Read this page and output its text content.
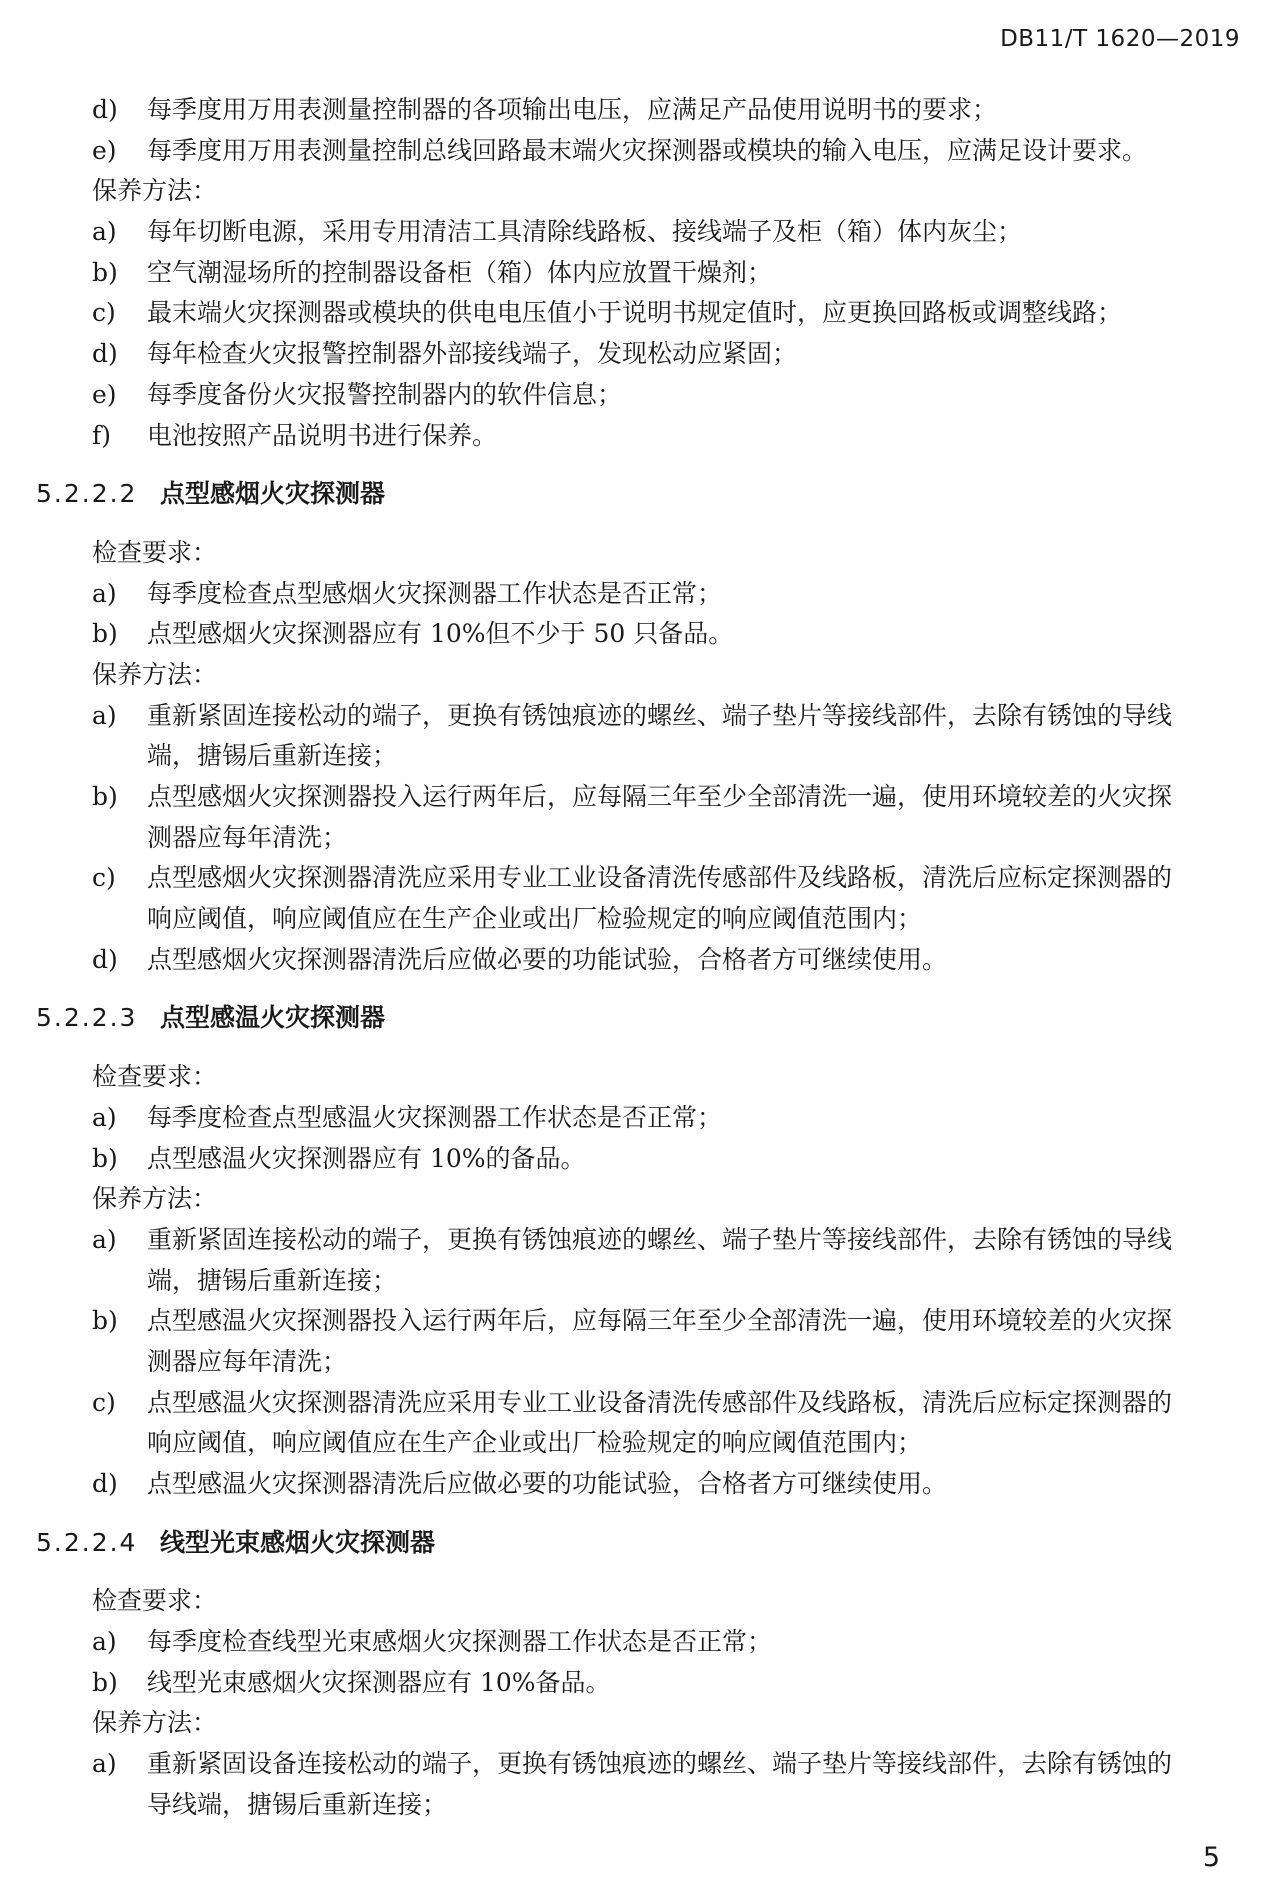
DB11/T 1620—2019
d) 每季度用万用表测量控制器的各项输出电压，应满足产品使用说明书的要求；
e) 每季度用万用表测量控制总线回路最末端火灾探测器或模块的输入电压，应满足设计要求。
保养方法：
a) 每年切断电源，采用专用清洁工具清除线路板、接线端子及柜（箱）体内灰尘；
b) 空气潮湿场所的控制器设备柜（箱）体内应放置干燥剂；
c) 最末端火灾探测器或模块的供电电压值小于说明书规定值时，应更换回路板或调整线路；
d) 每年检查火灾报警控制器外部接线端子，发现松动应紧固；
e) 每季度备份火灾报警控制器内的软件信息；
f) 电池按照产品说明书进行保养。
5.2.2.2 点型感烟火灾探测器
检查要求：
a) 每季度检查点型感烟火灾探测器工作状态是否正常；
b) 点型感烟火灾探测器应有 10%但不少于 50 只备品。
保养方法：
a) 重新紧固连接松动的端子，更换有锈蚀痕迹的螺丝、端子垫片等接线部件，去除有锈蚀的导线
端，搪锡后重新连接；
b) 点型感烟火灾探测器投入运行两年后，应每隔三年至少全部清洗一遍，使用环境较差的火灾探
测器应每年清洗；
c) 点型感烟火灾探测器清洗应采用专业工业设备清洗传感部件及线路板，清洗后应标定探测器的
响应阈值，响应阈值应在生产企业或出厂检验规定的响应阈值范围内；
d) 点型感烟火灾探测器清洗后应做必要的功能试验，合格者方可继续使用。
5.2.2.3 点型感温火灾探测器
检查要求：
a) 每季度检查点型感温火灾探测器工作状态是否正常；
b) 点型感温火灾探测器应有 10%的备品。
保养方法：
a) 重新紧固连接松动的端子，更换有锈蚀痕迹的螺丝、端子垫片等接线部件，去除有锈蚀的导线
端，搪锡后重新连接；
b) 点型感温火灾探测器投入运行两年后，应每隔三年至少全部清洗一遍，使用环境较差的火灾探
测器应每年清洗；
c) 点型感温火灾探测器清洗应采用专业工业设备清洗传感部件及线路板，清洗后应标定探测器的
响应阈值，响应阈值应在生产企业或出厂检验规定的响应阈值范围内；
d) 点型感温火灾探测器清洗后应做必要的功能试验，合格者方可继续使用。
5.2.2.4 线型光束感烟火灾探测器
检查要求：
a) 每季度检查线型光束感烟火灾探测器工作状态是否正常；
b) 线型光束感烟火灾探测器应有 10%备品。
保养方法：
a) 重新紧固设备连接松动的端子，更换有锈蚀痕迹的螺丝、端子垫片等接线部件，去除有锈蚀的
导线端，搪锡后重新连接；
5
